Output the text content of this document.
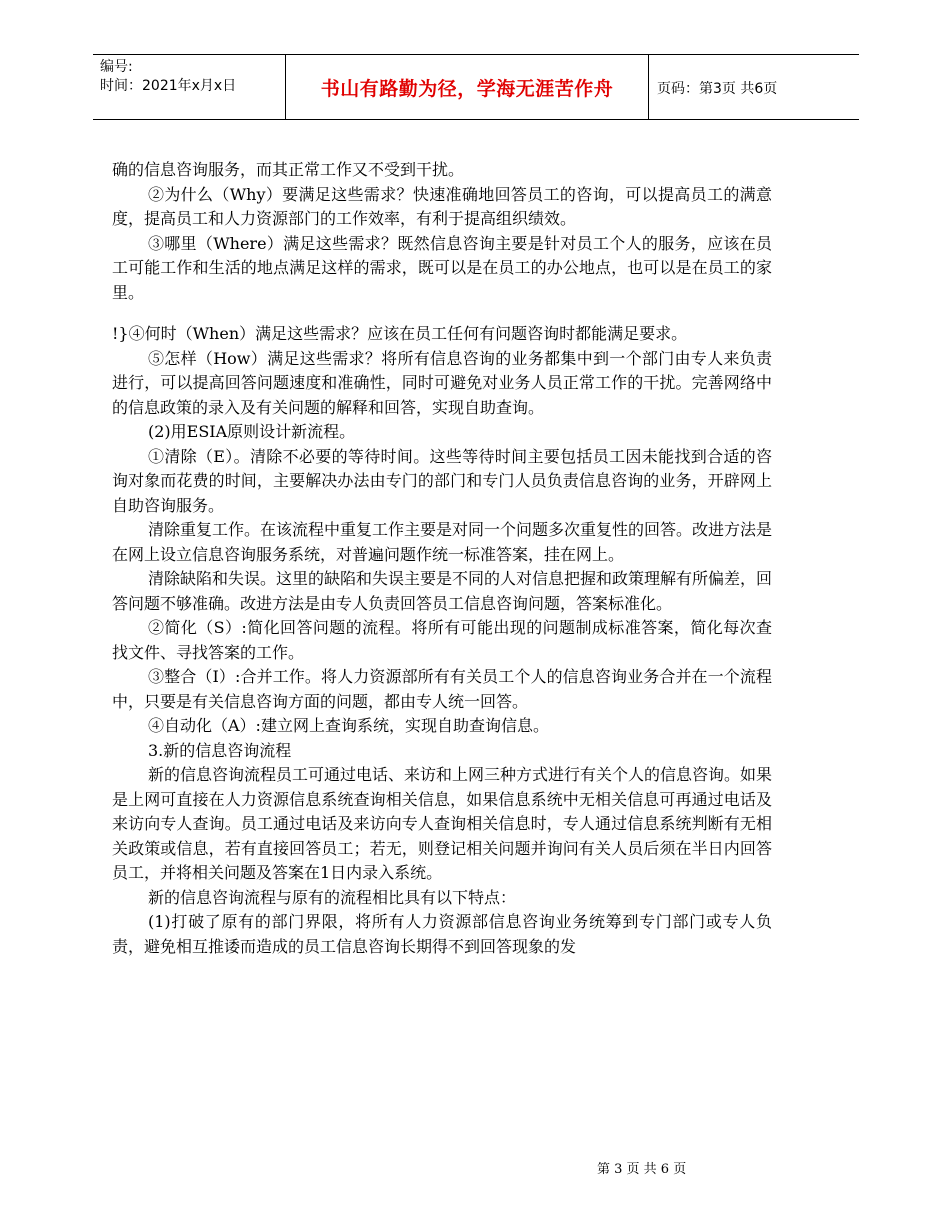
编号:
时间：2021年x月x日	书山有路勤为径，学海无涯苦作舟	页码：第3页 共6页

确的信息咨询服务，而其正常工作又不受到干扰。

②为什么（Why）要满足这些需求？快速准确地回答员工的咨询，可以提高员工的满意度，提高员工和人力资源部门的工作效率，有利于提高组织绩效。

③哪里（Where）满足这些需求？既然信息咨询主要是针对员工个人的服务，应该在员工可能工作和生活的地点满足这样的需求，既可以是在员工的办公地点，也可以是在员工的家里。

!}④何时（When）满足这些需求？应该在员工任何有问题咨询时都能满足要求。

⑤怎样（How）满足这些需求？将所有信息咨询的业务都集中到一个部门由专人来负责进行，可以提高回答问题速度和准确性，同时可避免对业务人员正常工作的干扰。完善网络中的信息政策的录入及有关问题的解释和回答，实现自助查询。

(2)用ESIA原则设计新流程。

①清除（E）。清除不必要的等待时间。这些等待时间主要包括员工因未能找到合适的咨询对象而花费的时间，主要解决办法由专门的部门和专门人员负责信息咨询的业务，开辟网上自助咨询服务。

清除重复工作。在该流程中重复工作主要是对同一个问题多次重复性的回答。改进方法是在网上设立信息咨询服务系统，对普遍问题作统一标准答案，挂在网上。

清除缺陷和失误。这里的缺陷和失误主要是不同的人对信息把握和政策理解有所偏差，回答问题不够准确。改进方法是由专人负责回答员工信息咨询问题，答案标准化。

②简化（S）:简化回答问题的流程。将所有可能出现的问题制成标准答案，简化每次查找文件、寻找答案的工作。

③整合（I）:合并工作。将人力资源部所有有关员工个人的信息咨询业务合并在一个流程中，只要是有关信息咨询方面的问题，都由专人统一回答。

④自动化（A）:建立网上查询系统，实现自助查询信息。

3.新的信息咨询流程

新的信息咨询流程员工可通过电话、来访和上网三种方式进行有关个人的信息咨询。如果是上网可直接在人力资源信息系统查询相关信息，如果信息系统中无相关信息可再通过电话及来访向专人查询。员工通过电话及来访向专人查询相关信息时，专人通过信息系统判断有无相关政策或信息，若有直接回答员工；若无，则登记相关问题并询问有关人员后须在半日内回答员工，并将相关问题及答案在1日内录入系统。

新的信息咨询流程与原有的流程相比具有以下特点：

(1)打破了原有的部门界限，将所有人力资源部信息咨询业务统筹到专门部门或专人负责，避免相互推诿而造成的员工信息咨询长期得不到回答现象的发

第 3 页 共 6 页
